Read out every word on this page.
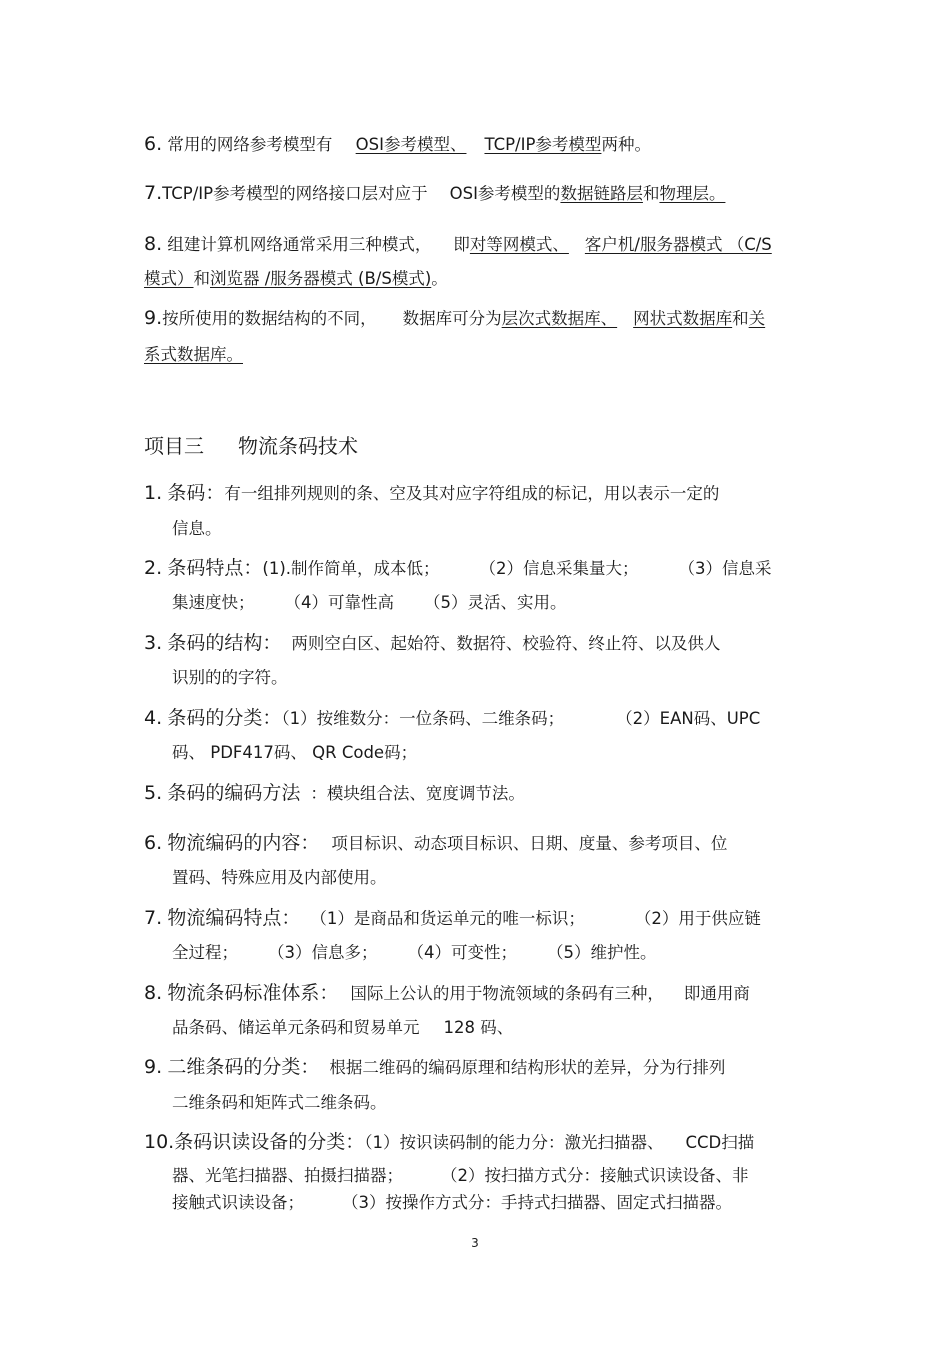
6. 常用的网络参考模型有 OSI参考模型、 TCP/IP参考模型两种。
7.TCP/IP参考模型的网络接口层对应于 OSI参考模型的数据链路层和物理层。
8. 组建计算机网络通常采用三种模式， 即对等网模式、 客户机/服务器模式 （C/S
模式）和浏览器 /服务器模式 (B/S模式)。
9.按所使用的数据结构的不同， 数据库可分为层次式数据库、 网状式数据库和关
系式数据库。
项目三 物流条码技术
1. 条码：有一组排列规则的条、空及其对应字符组成的标记，用以表示一定的
信息。
2. 条码特点：(1).制作简单，成本低； （2）信息采集量大； （3）信息采
集速度快； （4）可靠性高 （5）灵活、实用。
3. 条码的结构： 两则空白区、起始符、数据符、校验符、终止符、以及供人
识别的的字符。
4. 条码的分类：（1）按维数分：一位条码、二维条码；	（2）EAN码、UPC
码、 PDF417码、 QR Code码；
5. 条码的编码方法 ：模块组合法、宽度调节法。
6. 物流编码的内容： 项目标识、动态项目标识、日期、度量、参考项目、位
置码、特殊应用及内部使用。
7. 物流编码特点： （1）是商品和货运单元的唯一标识；	（2）用于供应链
全过程； （3）信息多； （4）可变性； （5）维护性。
8. 物流条码标准体系： 国际上公认的用于物流领域的条码有三种， 即通用商
品条码、储运单元条码和贸易单元 128 码、
9. 二维条码的分类： 根据二维码的编码原理和结构形状的差异，分为行排列
二维条码和矩阵式二维条码。
10.条码识读设备的分类：（1）按识读码制的能力分：激光扫描器、 CCD扫描
器、光笔扫描器、拍摄扫描器； （2）按扫描方式分：接触式识读设备、非
接触式识读设备； （3）按操作方式分：手持式扫描器、固定式扫描器。
3
